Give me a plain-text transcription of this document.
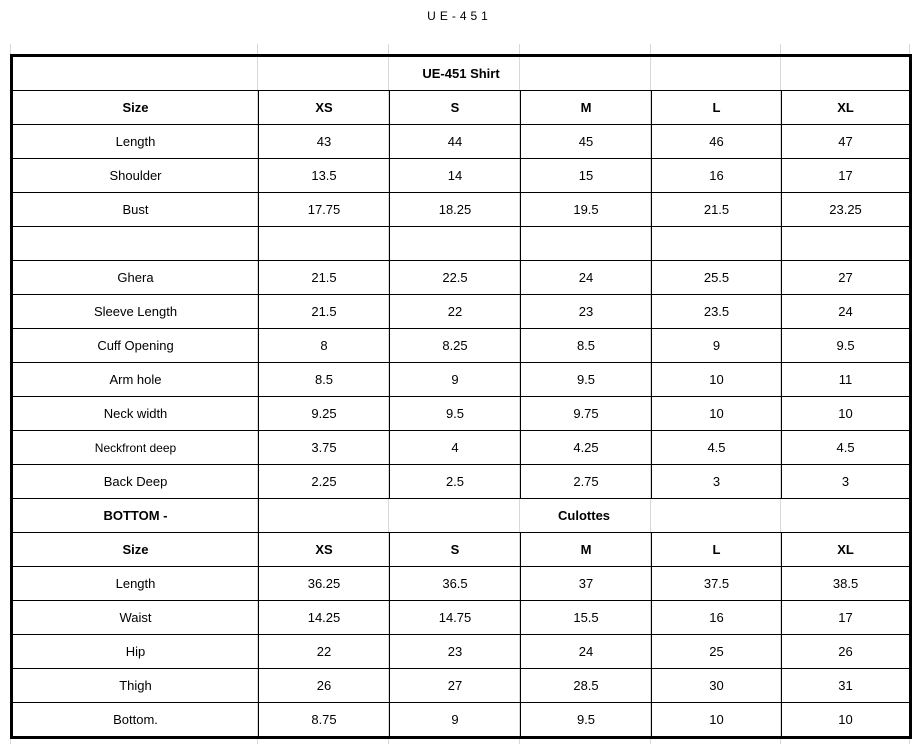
UE-451
UE-451 Shirt					
Size	XS	S	M	L	XL
Length	43	44	45	46	47
Shoulder	13.5	14	15	16	17
Bust	17.75	18.25	19.5	21.5	23.25

Ghera	21.5	22.5	24	25.5	27
Sleeve Length	21.5	22	23	23.5	24
Cuff Opening	8	8.25	8.5	9	9.5
Arm hole	8.5	9	9.5	10	11
Neck width	9.25	9.5	9.75	10	10
Neckfront deep	3.75	4	4.25	4.5	4.5
Back Deep	2.25	2.5	2.75	3	3
BOTTOM -	Culottes				
Size	XS	S	M	L	XL
Length	36.25	36.5	37	37.5	38.5
Waist	14.25	14.75	15.5	16	17
Hip	22	23	24	25	26
Thigh	26	27	28.5	30	31
Bottom.	8.75	9	9.5	10	10
